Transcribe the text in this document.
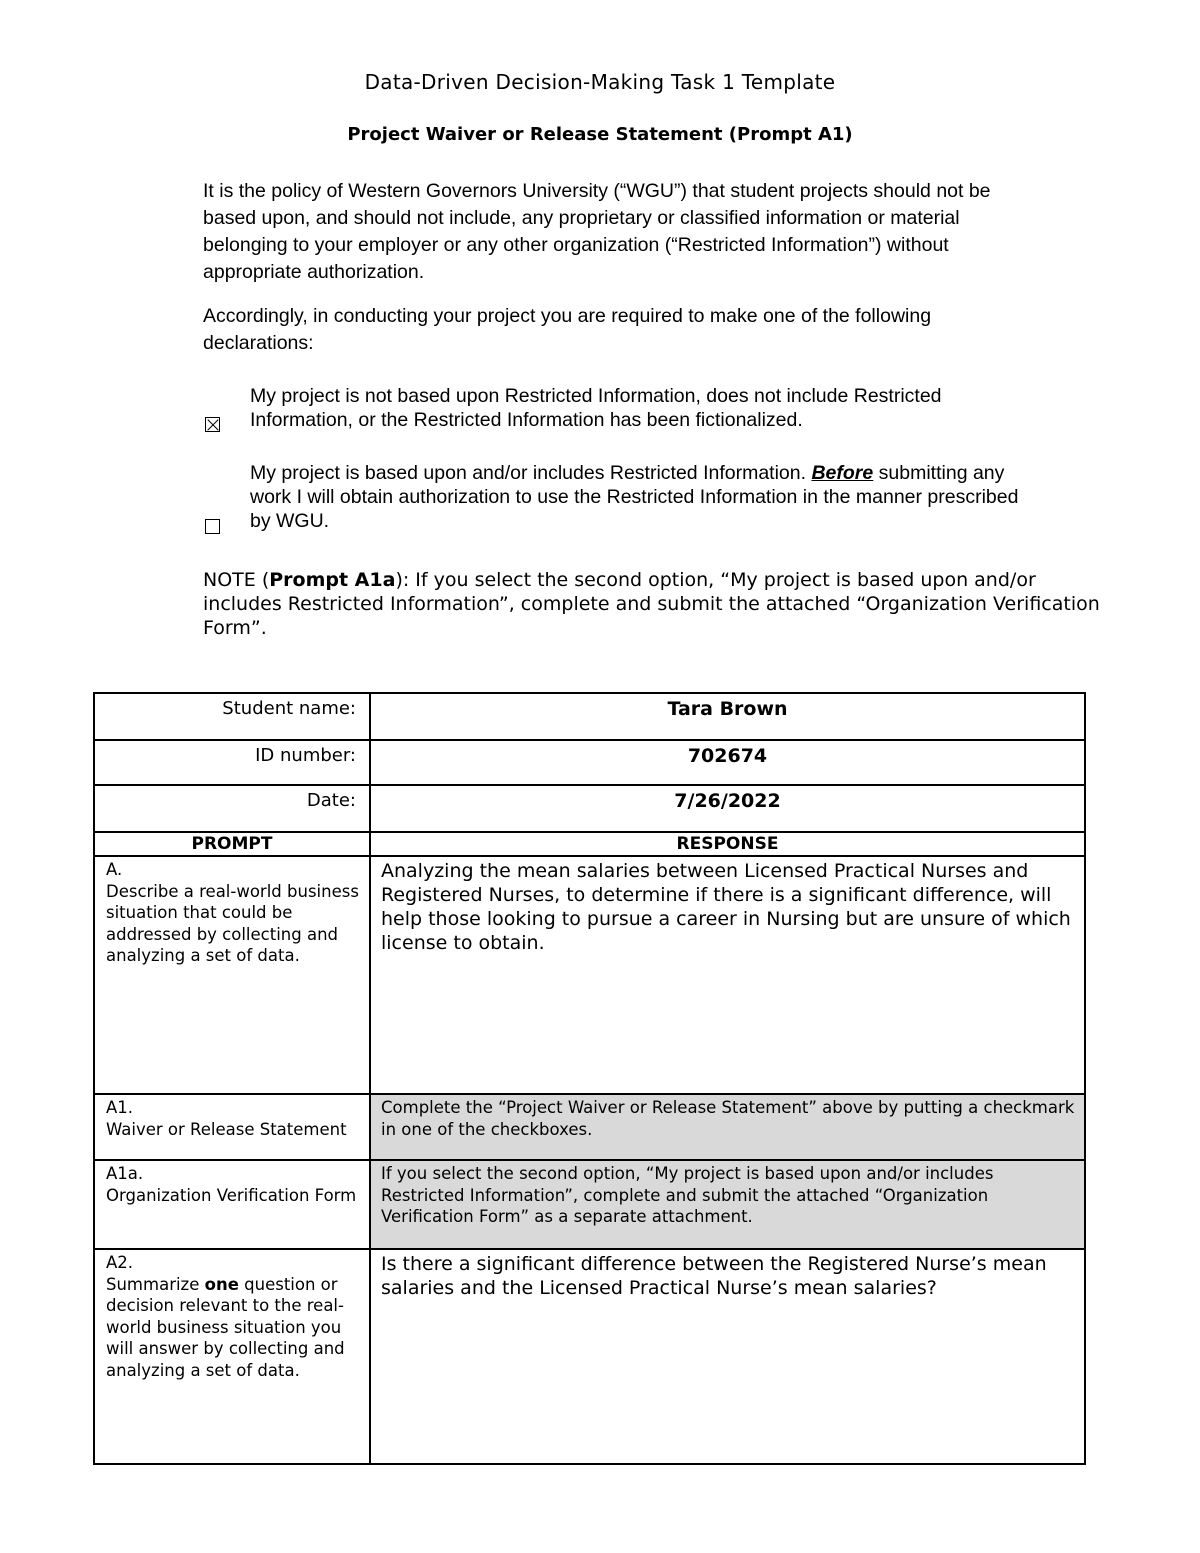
Data-Driven Decision-Making Task 1 Template
Project Waiver or Release Statement (Prompt A1)
It is the policy of Western Governors University (“WGU”) that student projects should not be based upon, and should not include, any proprietary or classified information or material belonging to your employer or any other organization (“Restricted Information”) without appropriate authorization.
Accordingly, in conducting your project you are required to make one of the following declarations:
My project is not based upon Restricted Information, does not include Restricted Information, or the Restricted Information has been fictionalized.
My project is based upon and/or includes Restricted Information. Before submitting any work I will obtain authorization to use the Restricted Information in the manner prescribed by WGU.
NOTE (Prompt A1a): If you select the second option, “My project is based upon and/or includes Restricted Information”, complete and submit the attached “Organization Verification Form”.
Student name:	Tara Brown
ID number:	702674
Date:	7/26/2022
PROMPT	RESPONSE

A.
Describe a real-world business situation that could be addressed by collecting and analyzing a set of data.	Analyzing the mean salaries between Licensed Practical Nurses and Registered Nurses, to determine if there is a significant difference, will help those looking to pursue a career in Nursing but are unsure of which license to obtain.

A1.
Waiver or Release Statement	Complete the “Project Waiver or Release Statement” above by putting a checkmark in one of the checkboxes.

A1a.
Organization Verification Form	If you select the second option, “My project is based upon and/or includes Restricted Information”, complete and submit the attached “Organization Verification Form” as a separate attachment.

A2.
Summarize one question or decision relevant to the real-world business situation you will answer by collecting and analyzing a set of data.	Is there a significant difference between the Registered Nurse’s mean salaries and the Licensed Practical Nurse’s mean salaries?
